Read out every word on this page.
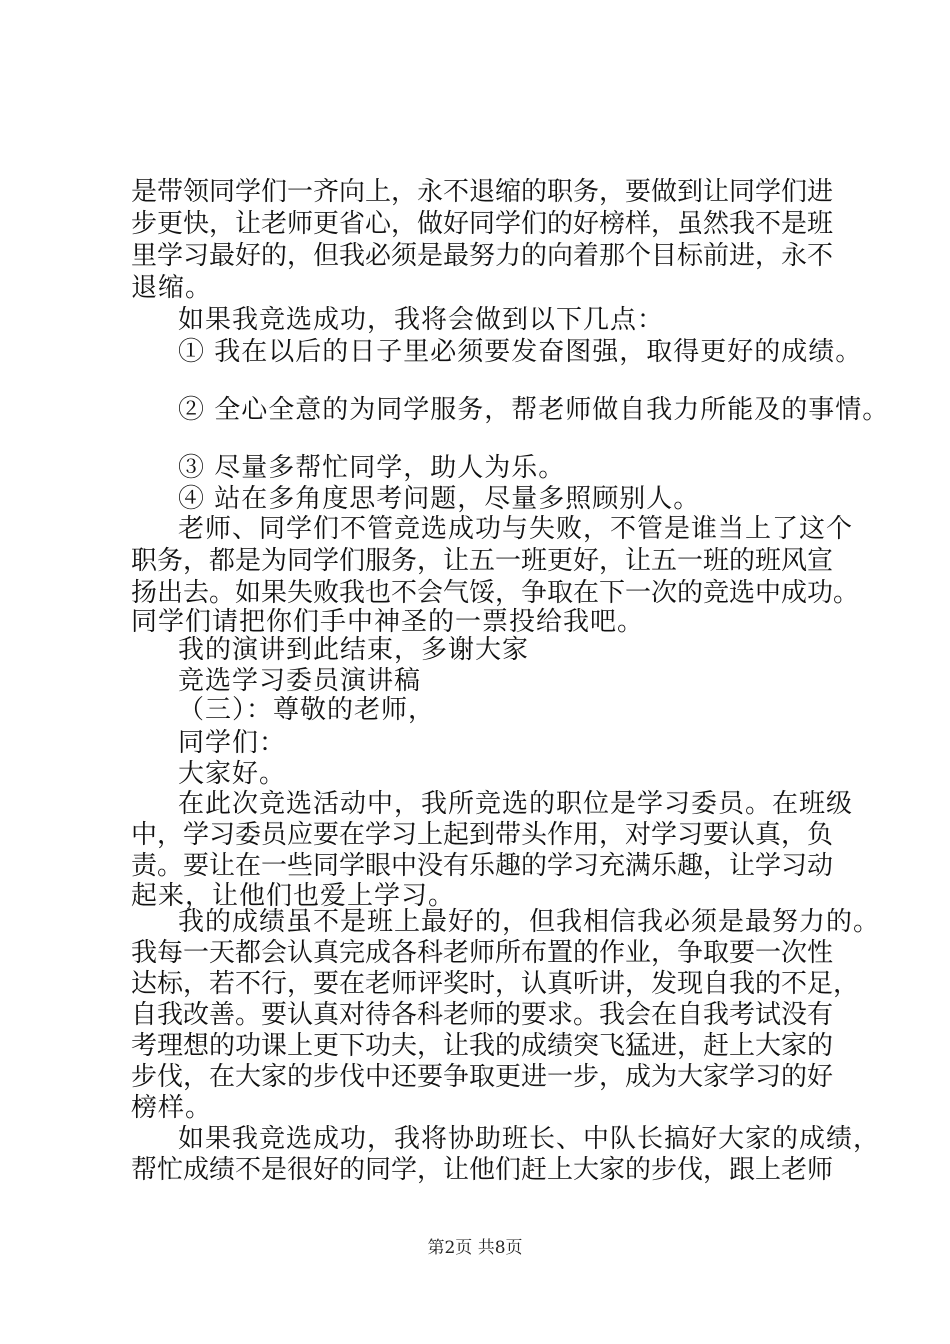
是带领同学们一齐向上，永不退缩的职务，要做到让同学们进
步更快，让老师更省心，做好同学们的好榜样，虽然我不是班
里学习最好的，但我必须是最努力的向着那个目标前进，永不
退缩。
如果我竞选成功，我将会做到以下几点：
① 我在以后的日子里必须要发奋图强，取得更好的成绩。
② 全心全意的为同学服务，帮老师做自我力所能及的事情。
③ 尽量多帮忙同学，助人为乐。
④ 站在多角度思考问题，尽量多照顾别人。
老师、同学们不管竞选成功与失败，不管是谁当上了这个
职务，都是为同学们服务，让五一班更好，让五一班的班风宣
扬出去。如果失败我也不会气馁，争取在下一次的竞选中成功。
同学们请把你们手中神圣的一票投给我吧。
我的演讲到此结束，多谢大家
竞选学习委员演讲稿
（三）：尊敬的老师，
同学们：
大家好。
在此次竞选活动中，我所竞选的职位是学习委员。在班级
中，学习委员应要在学习上起到带头作用，对学习要认真，负
责。要让在一些同学眼中没有乐趣的学习充满乐趣，让学习动
起来，让他们也爱上学习。
我的成绩虽不是班上最好的，但我相信我必须是最努力的。
我每一天都会认真完成各科老师所布置的作业，争取要一次性
达标，若不行，要在老师评奖时，认真听讲，发现自我的不足，
自我改善。要认真对待各科老师的要求。我会在自我考试没有
考理想的功课上更下功夫，让我的成绩突飞猛进，赶上大家的
步伐，在大家的步伐中还要争取更进一步，成为大家学习的好
榜样。
如果我竞选成功，我将协助班长、中队长搞好大家的成绩，
帮忙成绩不是很好的同学，让他们赶上大家的步伐，跟上老师
第2页 共8页
